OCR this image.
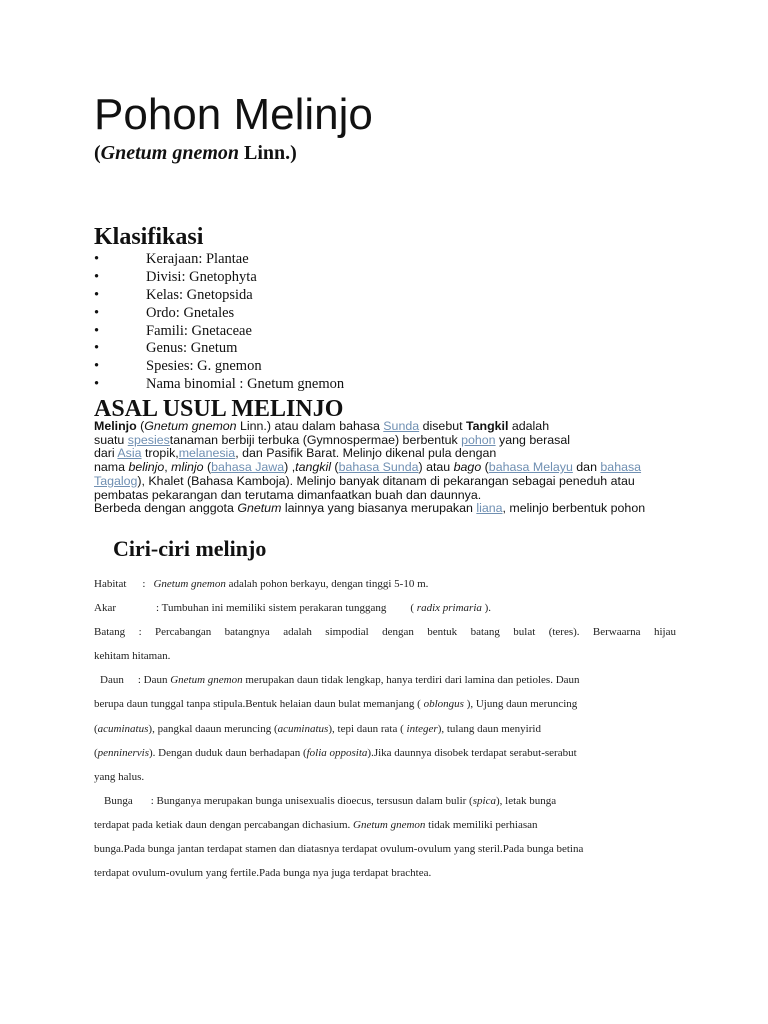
Pohon Melinjo

(Gnetum gnemon Linn.)

Klasifikasi
•	Kerajaan: Plantae
•	Divisi: Gnetophyta
•	Kelas: Gnetopsida
•	Ordo: Gnetales
•	Famili: Gnetaceae
•	Genus: Gnetum
•	Spesies: G. gnemon
•	Nama binomial : Gnetum gnemon
ASAL USUL MELINJO
Melinjo (Gnetum gnemon Linn.) atau dalam bahasa Sunda disebut Tangkil adalah
suatu spesiestanaman berbiji terbuka (Gymnospermae) berbentuk pohon yang berasal
dari Asia tropik,melanesia, dan Pasifik Barat. Melinjo dikenal pula dengan
nama belinjo, mlinjo (bahasa Jawa) ,tangkil (bahasa Sunda) atau bago (bahasa Melayu dan bahasa
Tagalog), Khalet (Bahasa Kamboja). Melinjo banyak ditanam di pekarangan sebagai peneduh atau
pembatas pekarangan dan terutama dimanfaatkan buah dan daunnya.
Berbeda dengan anggota Gnetum lainnya yang biasanya merupakan liana, melinjo berbentuk pohon
Ciri-ciri melinjo
Habitat : Gnetum gnemon adalah pohon berkayu, dengan tinggi 5-10 m.
Akar	: Tumbuhan ini memiliki sistem perakaran tunggang ( radix primaria ).
Batang : Percabangan batangnya adalah simpodial dengan bentuk batang bulat (teres). Berwaarna hijau
kehitam hitaman.
Daun : Daun Gnetum gnemon merupakan daun tidak lengkap, hanya terdiri dari lamina dan petioles. Daun
berupa daun tunggal tanpa stipula.Bentuk helaian daun bulat memanjang ( oblongus ), Ujung daun meruncing
(acuminatus), pangkal daaun meruncing (acuminatus), tepi daun rata ( integer), tulang daun menyirid
(penninervis). Dengan duduk daun berhadapan (folia opposita).Jika daunnya disobek terdapat serabut-serabut
yang halus.
Bunga : Bunganya merupakan bunga unisexualis dioecus, tersusun dalam bulir (spica), letak bunga
terdapat pada ketiak daun dengan percabangan dichasium. Gnetum gnemon tidak memiliki perhiasan
bunga.Pada bunga jantan terdapat stamen dan diatasnya terdapat ovulum-ovulum yang steril.Pada bunga betina
terdapat ovulum-ovulum yang fertile.Pada bunga nya juga terdapat brachtea.
